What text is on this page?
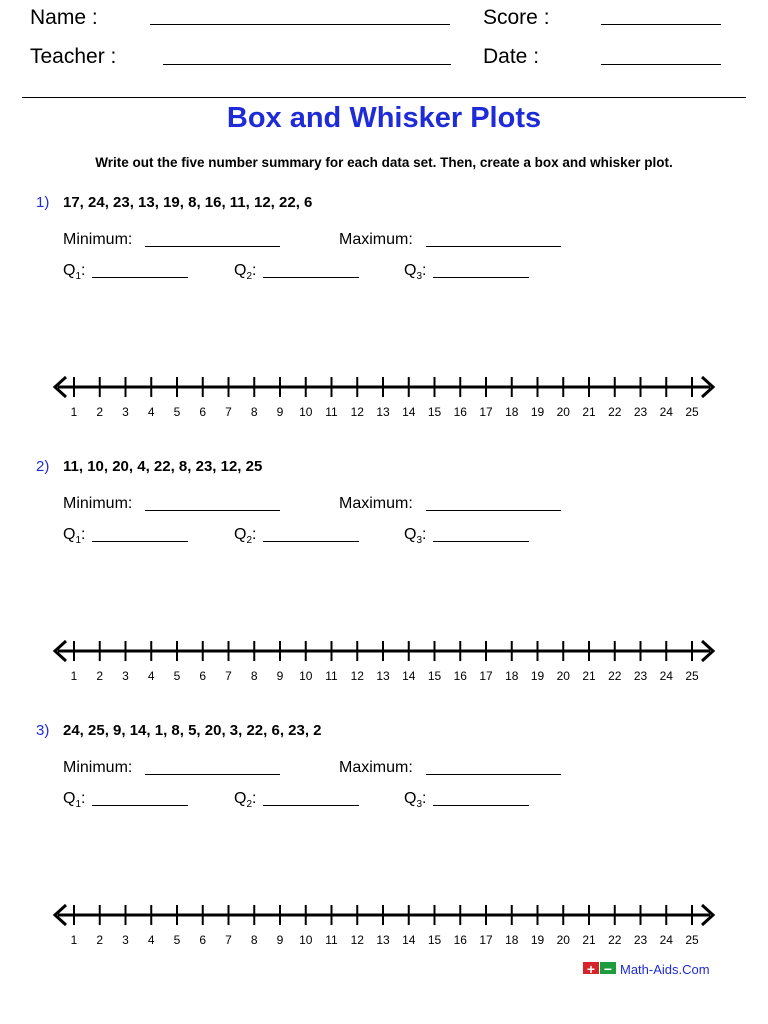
Name :	Score :
Teacher :	Date :
Box and Whisker Plots
Write out the five number summary for each data set. Then, create a box and whisker plot.
1) 17, 24, 23, 13, 19, 8, 16, 11, 12, 22, 6
Minimum:	Maximum:
$Q_1$:	$Q_2$:	$Q_3$:
1 2 3 4 5 6 7 8 9 10 11 12 13 14 15 16 17 18 19 20 21 22 23 24 25
2) 11, 10, 20, 4, 22, 8, 23, 12, 25
Minimum:	Maximum:
$Q_1$:	$Q_2$:	$Q_3$:
1 2 3 4 5 6 7 8 9 10 11 12 13 14 15 16 17 18 19 20 21 22 23 24 25
3) 24, 25, 9, 14, 1, 8, 5, 20, 3, 22, 6, 23, 2
Minimum:	Maximum:
$Q_1$:	$Q_2$:	$Q_3$:
1 2 3 4 5 6 7 8 9 10 11 12 13 14 15 16 17 18 19 20 21 22 23 24 25
+ − Math-Aids.Com
